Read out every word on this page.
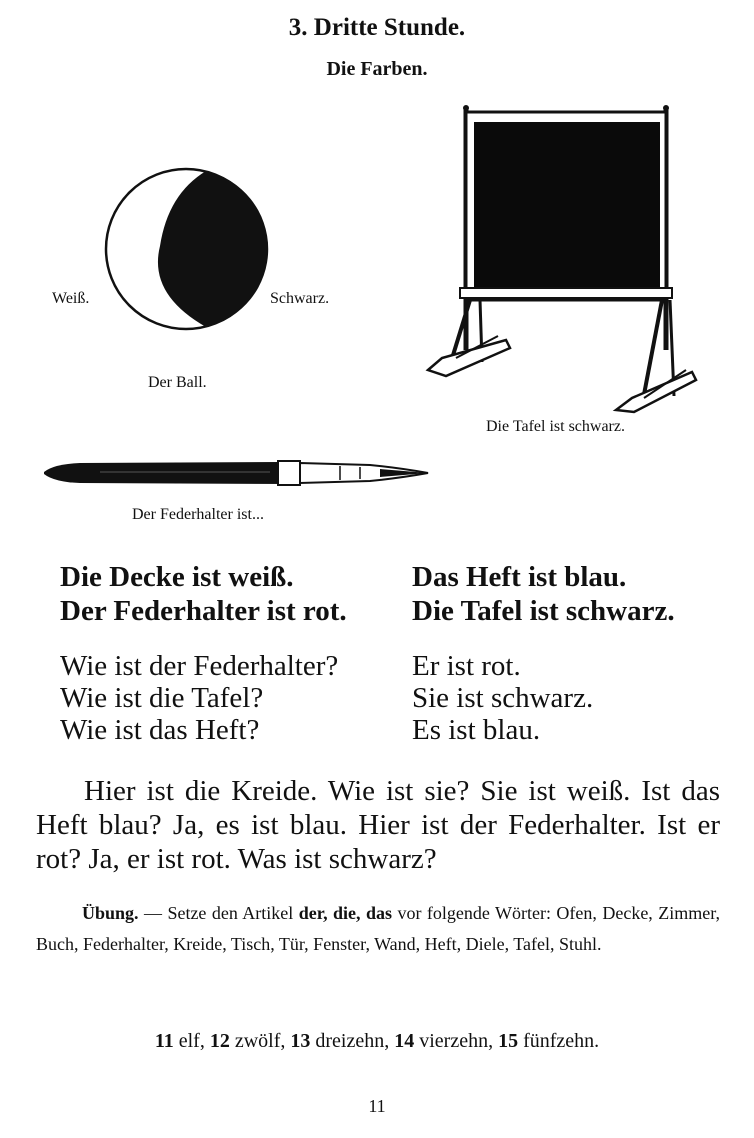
3. Dritte Stunde.
Die Farben.
Weiß.	Schwarz.
Der Ball.
Die Tafel ist schwarz.
Der Federhalter ist...
Die Decke ist weiß.
Der Federhalter ist rot.
Das Heft ist blau.
Die Tafel ist schwarz.
Wie ist der Federhalter?
Wie ist die Tafel?
Wie ist das Heft?
Er ist rot.
Sie ist schwarz.
Es ist blau.

Hier ist die Kreide. Wie ist sie? Sie ist weiß. Ist das Heft blau? Ja, es ist blau. Hier ist der Federhalter. Ist er rot? Ja, er ist rot. Was ist schwarz?

Übung. — Setze den Artikel der, die, das vor folgende Wörter: Ofen, Decke, Zimmer, Buch, Federhalter, Kreide, Tisch, Tür, Fenster, Wand, Heft, Diele, Tafel, Stuhl.

11 elf, 12 zwölf, 13 dreizehn, 14 vierzehn, 15 fünfzehn.
11
